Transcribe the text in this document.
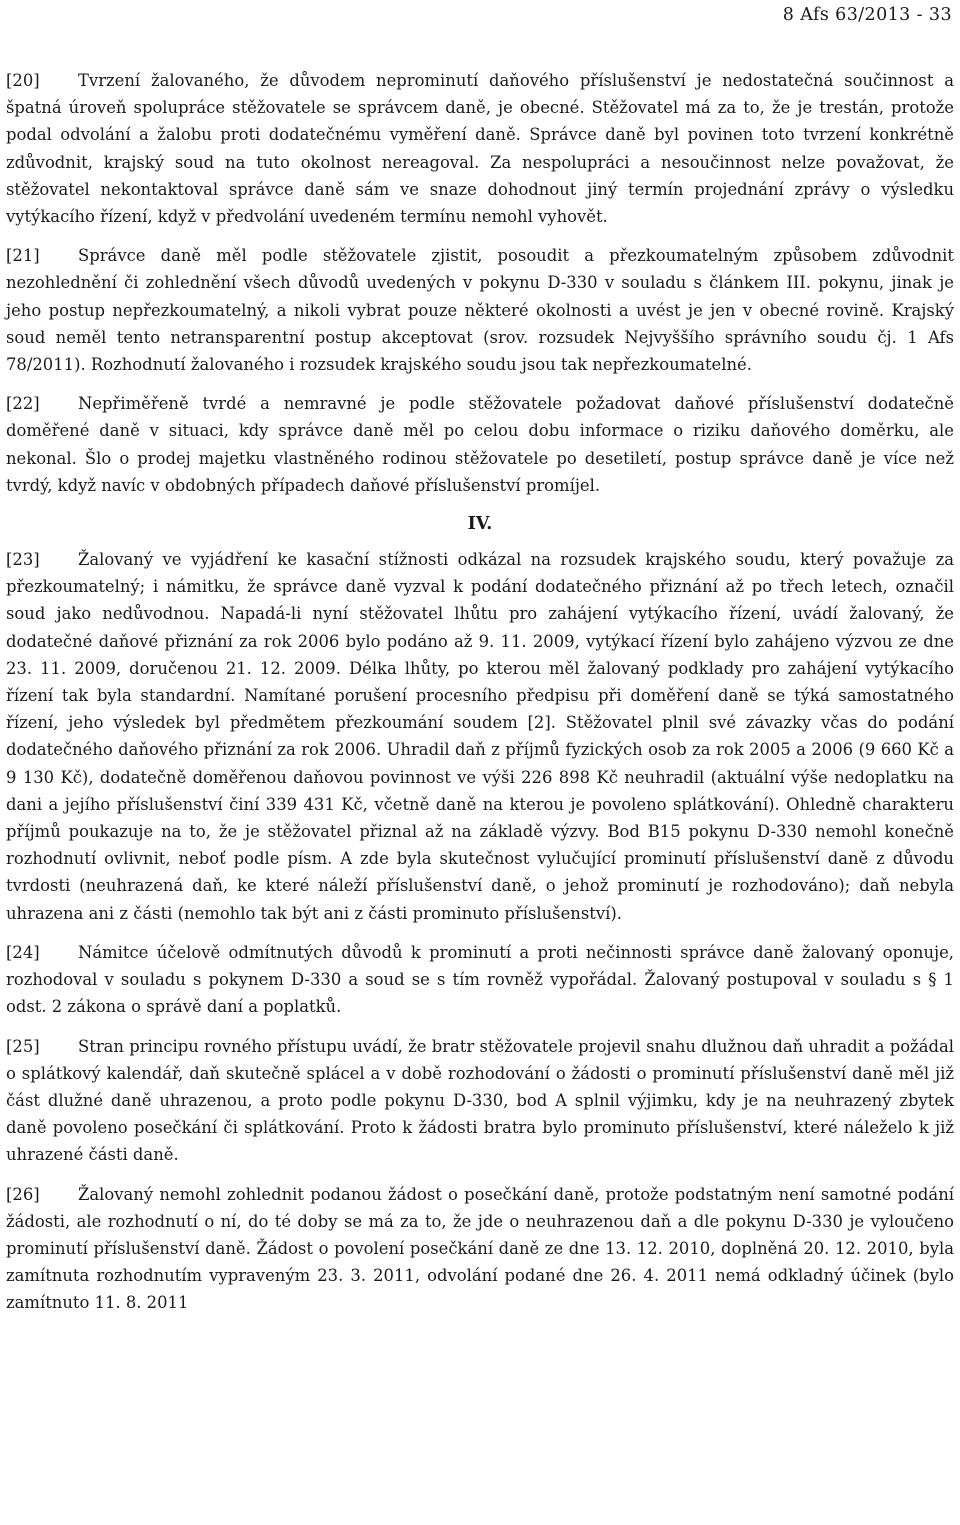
8 Afs 63/2013 - 33

[20] Tvrzení žalovaného, že důvodem neprominutí daňového příslušenství je nedostatečná součinnost a špatná úroveň spolupráce stěžovatele se správcem daně, je obecné. Stěžovatel má za to, že je trestán, protože podal odvolání a žalobu proti dodatečnému vyměření daně. Správce daně byl povinen toto tvrzení konkrétně zdůvodnit, krajský soud na tuto okolnost nereagoval. Za nespolupráci a nesoučinnost nelze považovat, že stěžovatel nekontaktoval správce daně sám ve snaze dohodnout jiný termín projednání zprávy o výsledku vytýkacího řízení, když v předvolání uvedeném termínu nemohl vyhovět.

[21] Správce daně měl podle stěžovatele zjistit, posoudit a přezkoumatelným způsobem zdůvodnit nezohlednění či zohlednění všech důvodů uvedených v pokynu D-330 v souladu s článkem III. pokynu, jinak je jeho postup nepřezkoumatelný, a nikoli vybrat pouze některé okolnosti a uvést je jen v obecné rovině. Krajský soud neměl tento netransparentní postup akceptovat (srov. rozsudek Nejvyššího správního soudu čj. 1 Afs 78/2011). Rozhodnutí žalovaného i rozsudek krajského soudu jsou tak nepřezkoumatelné.

[22] Nepřiměřeně tvrdé a nemravné je podle stěžovatele požadovat daňové příslušenství dodatečně doměřené daně v situaci, kdy správce daně měl po celou dobu informace o riziku daňového doměrku, ale nekonal. Šlo o prodej majetku vlastněného rodinou stěžovatele po desetiletí, postup správce daně je více než tvrdý, když navíc v obdobných případech daňové příslušenství promíjel.

IV.

[23] Žalovaný ve vyjádření ke kasační stížnosti odkázal na rozsudek krajského soudu, který považuje za přezkoumatelný; i námitku, že správce daně vyzval k podání dodatečného přiznání až po třech letech, označil soud jako nedůvodnou. Napadá-li nyní stěžovatel lhůtu pro zahájení vytýkacího řízení, uvádí žalovaný, že dodatečné daňové přiznání za rok 2006 bylo podáno až 9. 11. 2009, vytýkací řízení bylo zahájeno výzvou ze dne 23. 11. 2009, doručenou 21. 12. 2009. Délka lhůty, po kterou měl žalovaný podklady pro zahájení vytýkacího řízení tak byla standardní. Namítané porušení procesního předpisu při doměření daně se týká samostatného řízení, jeho výsledek byl předmětem přezkoumání soudem [2]. Stěžovatel plnil své závazky včas do podání dodatečného daňového přiznání za rok 2006. Uhradil daň z příjmů fyzických osob za rok 2005 a 2006 (9 660 Kč a 9 130 Kč), dodatečně doměřenou daňovou povinnost ve výši 226 898 Kč neuhradil (aktuální výše nedoplatku na dani a jejího příslušenství činí 339 431 Kč, včetně daně na kterou je povoleno splátkování). Ohledně charakteru příjmů poukazuje na to, že je stěžovatel přiznal až na základě výzvy. Bod B15 pokynu D-330 nemohl konečně rozhodnutí ovlivnit, neboť podle písm. A zde byla skutečnost vylučující prominutí příslušenství daně z důvodu tvrdosti (neuhrazená daň, ke které náleží příslušenství daně, o jehož prominutí je rozhodováno); daň nebyla uhrazena ani z části (nemohlo tak být ani z části prominuto příslušenství).

[24] Námitce účelově odmítnutých důvodů k prominutí a proti nečinnosti správce daně žalovaný oponuje, rozhodoval v souladu s pokynem D-330 a soud se s tím rovněž vypořádal. Žalovaný postupoval v souladu s § 1 odst. 2 zákona o správě daní a poplatků.

[25] Stran principu rovného přístupu uvádí, že bratr stěžovatele projevil snahu dlužnou daň uhradit a požádal o splátkový kalendář, daň skutečně splácel a v době rozhodování o žádosti o prominutí příslušenství daně měl již část dlužné daně uhrazenou, a proto podle pokynu D-330, bod A splnil výjimku, kdy je na neuhrazený zbytek daně povoleno posečkání či splátkování. Proto k žádosti bratra bylo prominuto příslušenství, které náleželo k již uhrazené části daně.

[26] Žalovaný nemohl zohlednit podanou žádost o posečkání daně, protože podstatným není samotné podání žádosti, ale rozhodnutí o ní, do té doby se má za to, že jde o neuhrazenou daň a dle pokynu D-330 je vyloučeno prominutí příslušenství daně. Žádost o povolení posečkání daně ze dne 13. 12. 2010, doplněná 20. 12. 2010, byla zamítnuta rozhodnutím vypraveným 23. 3. 2011, odvolání podané dne 26. 4. 2011 nemá odkladný účinek (bylo zamítnuto 11. 8. 2011
